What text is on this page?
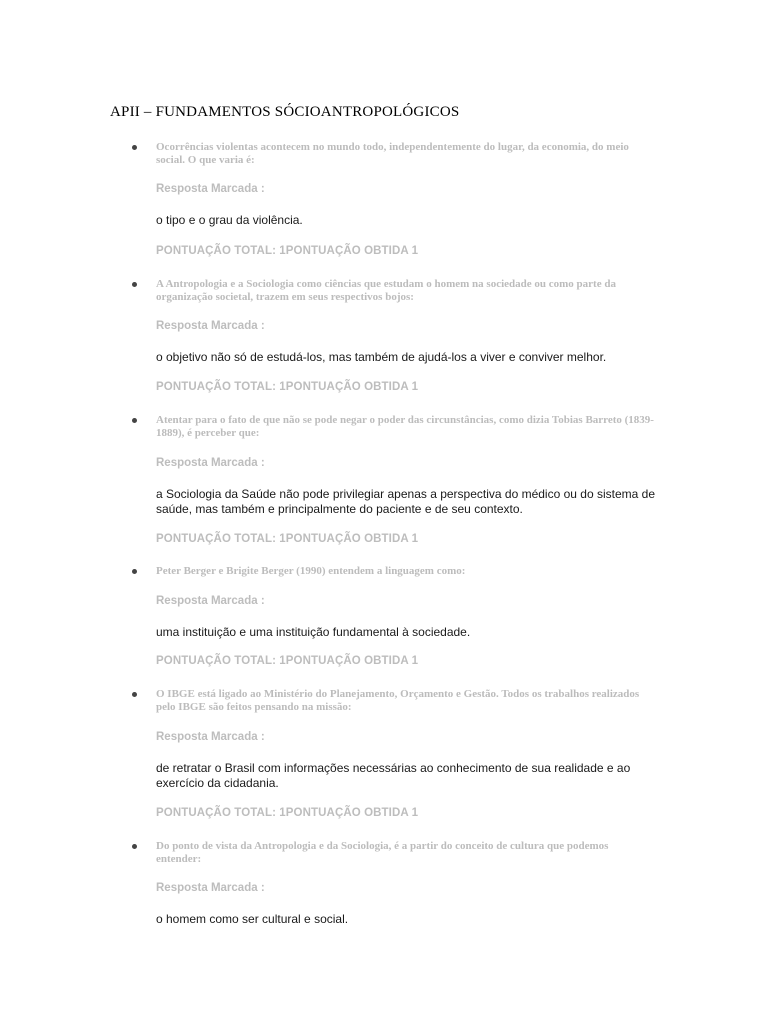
APII – FUNDAMENTOS SÓCIOANTROPOLÓGICOS

Ocorrências violentas acontecem no mundo todo, independentemente do lugar, da economia, do meio social. O que varia é:

Resposta Marcada :

o tipo e o grau da violência.

PONTUAÇÃO TOTAL: 1PONTUAÇÃO OBTIDA 1

A Antropologia e a Sociologia como ciências que estudam o homem na sociedade ou como parte da organização societal, trazem em seus respectivos bojos:

Resposta Marcada :

o objetivo não só de estudá-los, mas também de ajudá-los a viver e conviver melhor.

PONTUAÇÃO TOTAL: 1PONTUAÇÃO OBTIDA 1

Atentar para o fato de que não se pode negar o poder das circunstâncias, como dizia Tobias Barreto (1839-1889), é perceber que:

Resposta Marcada :

a Sociologia da Saúde não pode privilegiar apenas a perspectiva do médico ou do sistema de saúde, mas também e principalmente do paciente e de seu contexto.

PONTUAÇÃO TOTAL: 1PONTUAÇÃO OBTIDA 1

Peter Berger e Brigite Berger (1990) entendem a linguagem como:

Resposta Marcada :

uma instituição e uma instituição fundamental à sociedade.

PONTUAÇÃO TOTAL: 1PONTUAÇÃO OBTIDA 1

O IBGE está ligado ao Ministério do Planejamento, Orçamento e Gestão. Todos os trabalhos realizados pelo IBGE são feitos pensando na missão:

Resposta Marcada :

de retratar o Brasil com informações necessárias ao conhecimento de sua realidade e ao exercício da cidadania.

PONTUAÇÃO TOTAL: 1PONTUAÇÃO OBTIDA 1

Do ponto de vista da Antropologia e da Sociologia, é a partir do conceito de cultura que podemos entender:

Resposta Marcada :

o homem como ser cultural e social.
